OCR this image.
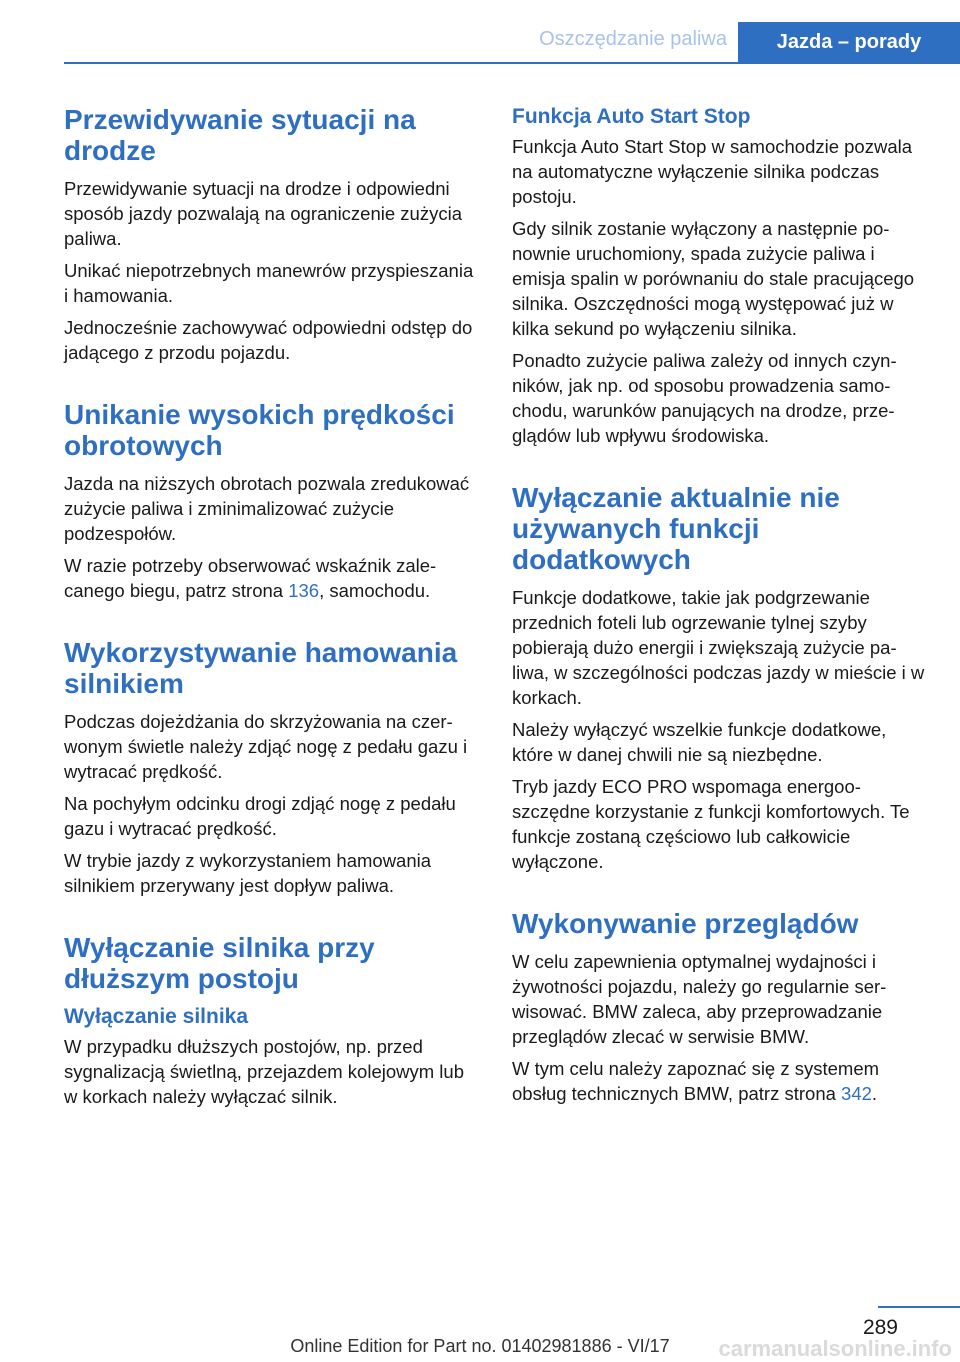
Oszczędzanie paliwa	Jazda – porady
Przewidywanie sytuacji na drodze

Przewidywanie sytuacji na drodze i odpowiedni sposób jazdy pozwalają na ograniczenie zużycia paliwa.

Unikać niepotrzebnych manewrów przyspieszania i hamowania.

Jednocześnie zachowywać odpowiedni odstęp do jadącego z przodu pojazdu.

Unikanie wysokich prędkości obrotowych

Jazda na niższych obrotach pozwala zredukować zużycie paliwa i zminimalizować zużycie podzespołów.

W razie potrzeby obserwować wskaźnik zalecanego biegu, patrz strona 136, samochodu.

Wykorzystywanie hamowania silnikiem

Podczas dojeżdżania do skrzyżowania na czerwonym świetle należy zdjąć nogę z pedału gazu i wytracać prędkość.

Na pochyłym odcinku drogi zdjąć nogę z pedału gazu i wytracać prędkość.

W trybie jazdy z wykorzystaniem hamowania silnikiem przerywany jest dopływ paliwa.

Wyłączanie silnika przy dłuższym postoju
Wyłączanie silnika

W przypadku dłuższych postojów, np. przed sygnalizacją świetlną, przejazdem kolejowym lub w korkach należy wyłączać silnik.

Funkcja Auto Start Stop

Funkcja Auto Start Stop w samochodzie pozwala na automatyczne wyłączenie silnika podczas postoju.

Gdy silnik zostanie wyłączony a następnie ponownie uruchomiony, spada zużycie paliwa i emisja spalin w porównaniu do stale pracującego silnika. Oszczędności mogą występować już w kilka sekund po wyłączeniu silnika.

Ponadto zużycie paliwa zależy od innych czynników, jak np. od sposobu prowadzenia samochodu, warunków panujących na drodze, przeglądów lub wpływu środowiska.

Wyłączanie aktualnie nie używanych funkcji dodatkowych

Funkcje dodatkowe, takie jak podgrzewanie przednich foteli lub ogrzewanie tylnej szyby pobierają dużo energii i zwiększają zużycie paliwa, w szczególności podczas jazdy w mieście i w korkach.

Należy wyłączyć wszelkie funkcje dodatkowe, które w danej chwili nie są niezbędne.

Tryb jazdy ECO PRO wspomaga energooszczędne korzystanie z funkcji komfortowych. Te funkcje zostaną częściowo lub całkowicie wyłączone.

Wykonywanie przeglądów

W celu zapewnienia optymalnej wydajności i żywotności pojazdu, należy go regularnie serwisować. BMW zaleca, aby przeprowadzanie przeglądów zlecać w serwisie BMW.

W tym celu należy zapoznać się z systemem obsług technicznych BMW, patrz strona 342.

289
Online Edition for Part no. 01402981886 - VI/17	carmanualsonline.info
